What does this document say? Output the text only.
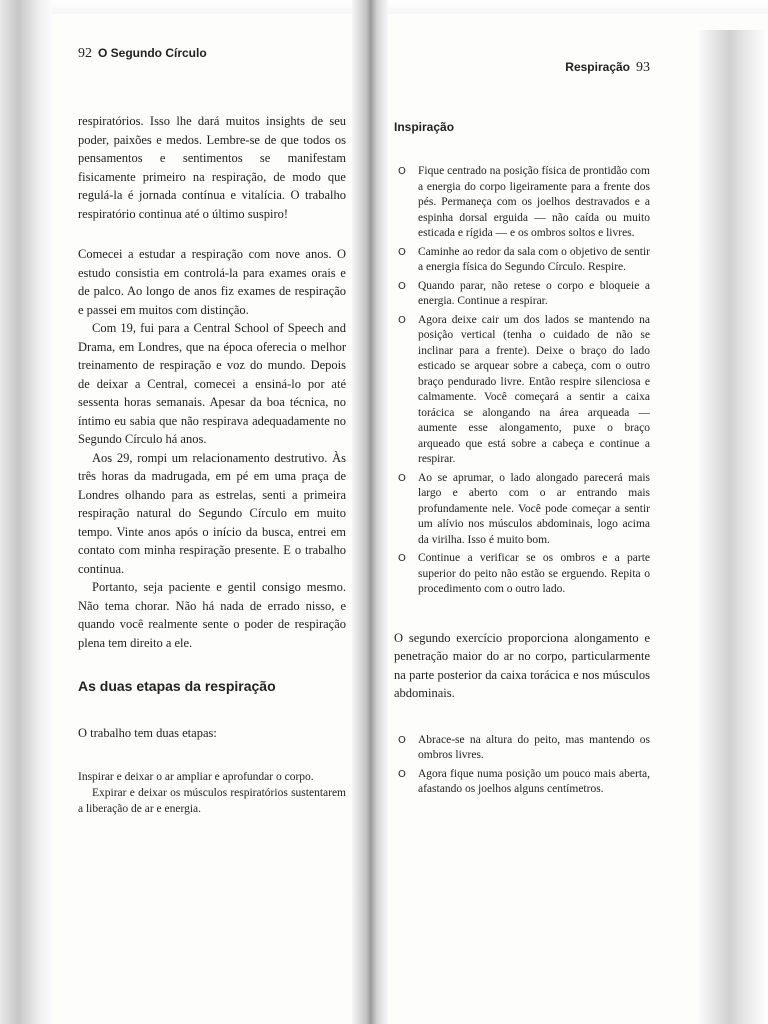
92 O Segundo Círculo

respiratórios. Isso lhe dará muitos insights de seu poder, paixões e medos. Lembre-se de que todos os pensamentos e sentimentos se manifestam fisicamente primeiro na respiração, de modo que regulá-la é jornada contínua e vitalícia. O trabalho respiratório continua até o último suspiro!

Comecei a estudar a respiração com nove anos. O estudo consistia em controlá-la para exames orais e de palco. Ao longo de anos fiz exames de respiração e passei em muitos com distinção.

Com 19, fui para a Central School of Speech and Drama, em Londres, que na época oferecia o melhor treinamento de respiração e voz do mundo. Depois de deixar a Central, comecei a ensiná-lo por até sessenta horas semanais. Apesar da boa técnica, no íntimo eu sabia que não respirava adequadamente no Segundo Círculo há anos.

Aos 29, rompi um relacionamento destrutivo. Às três horas da madrugada, em pé em uma praça de Londres olhando para as estrelas, senti a primeira respiração natural do Segundo Círculo em muito tempo. Vinte anos após o início da busca, entrei em contato com minha respiração presente. E o trabalho continua.

Portanto, seja paciente e gentil consigo mesmo. Não tema chorar. Não há nada de errado nisso, e quando você realmente sente o poder de respiração plena tem direito a ele.

As duas etapas da respiração

O trabalho tem duas etapas:

Inspirar e deixar o ar ampliar e aprofundar o corpo.

Expirar e deixar os músculos respiratórios sustentarem a liberação de ar e energia.

Respiração 93
Inspiração
O Fique centrado na posição física de prontidão com a energia do corpo ligeiramente para a frente dos pés. Permaneça com os joelhos destravados e a espinha dorsal erguida — não caída ou muito esticada e rígida — e os ombros soltos e livres.
O Caminhe ao redor da sala com o objetivo de sentir a energia física do Segundo Círculo. Respire.
O Quando parar, não retese o corpo e bloqueie a energia. Continue a respirar.
O Agora deixe cair um dos lados se mantendo na posição vertical (tenha o cuidado de não se inclinar para a frente). Deixe o braço do lado esticado se arquear sobre a cabeça, com o outro braço pendurado livre. Então respire silenciosa e calmamente. Você começará a sentir a caixa torácica se alongando na área arqueada — aumente esse alongamento, puxe o braço arqueado que está sobre a cabeça e continue a respirar.
O Ao se aprumar, o lado alongado parecerá mais largo e aberto com o ar entrando mais profundamente nele. Você pode começar a sentir um alívio nos músculos abdominais, logo acima da virilha. Isso é muito bom.
O Continue a verificar se os ombros e a parte superior do peito não estão se erguendo. Repita o procedimento com o outro lado.

O segundo exercício proporciona alongamento e penetração maior do ar no corpo, particularmente na parte posterior da caixa torácica e nos músculos abdominais.

O Abrace-se na altura do peito, mas mantendo os ombros livres.
O Agora fique numa posição um pouco mais aberta, afastando os joelhos alguns centímetros.
